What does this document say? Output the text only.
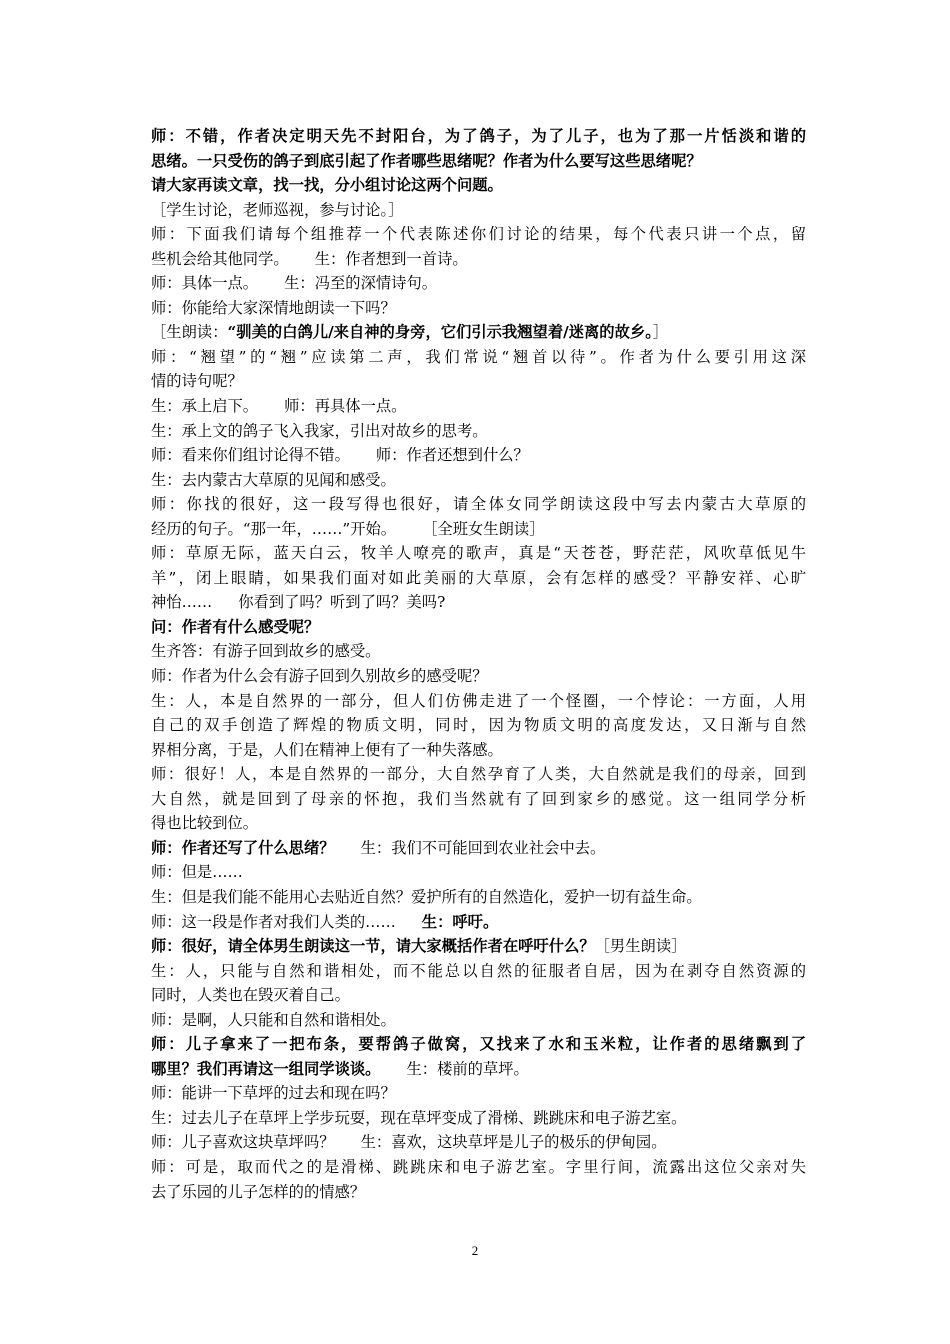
师：不错，作者决定明天先不封阳台，为了鸽子，为了儿子，也为了那一片恬淡和谐的
思绪。一只受伤的鸽子到底引起了作者哪些思绪呢？作者为什么要写这些思绪呢？
请大家再读文章，找一找，分小组讨论这两个问题。
［学生讨论，老师巡视，参与讨论。］
师：下面我们请每个组推荐一个代表陈述你们讨论的结果，每个代表只讲一个点，留
些机会给其他同学。 生：作者想到一首诗。
师：具体一点。 生：冯至的深情诗句。
师：你能给大家深情地朗读一下吗？
［生朗读：“驯美的白鸽儿/来自神的身旁，它们引示我翘望着/迷离的故乡。］
师：“翘望”的“翘”应读第二声，我们常说“翘首以待”。作者为什么要引用这深
情的诗句呢？
生：承上启下。 师：再具体一点。
生：承上文的鸽子飞入我家，引出对故乡的思考。
师：看来你们组讨论得不错。 师：作者还想到什么？
生：去内蒙古大草原的见闻和感受。
师：你找的很好，这一段写得也很好，请全体女同学朗读这段中写去内蒙古大草原的
经历的句子。“那一年，……”开始。 ［全班女生朗读］
师：草原无际，蓝天白云，牧羊人嘹亮的歌声，真是“天苍苍，野茫茫，风吹草低见牛
羊”，闭上眼睛，如果我们面对如此美丽的大草原，会有怎样的感受？平静安祥、心旷
神怡…… 你看到了吗？听到了吗？美吗?
问：作者有什么感受呢？
生齐答：有游子回到故乡的感受。
师：作者为什么会有游子回到久别故乡的感受呢？
生：人，本是自然界的一部分，但人们仿佛走进了一个怪圈，一个悖论：一方面，人用
自己的双手创造了辉煌的物质文明，同时，因为物质文明的高度发达，又日渐与自然
界相分离，于是，人们在精神上便有了一种失落感。
师：很好！人，本是自然界的一部分，大自然孕育了人类，大自然就是我们的母亲，回到
大自然，就是回到了母亲的怀抱，我们当然就有了回到家乡的感觉。这一组同学分析
得也比较到位。
师：作者还写了什么思绪？ 生：我们不可能回到农业社会中去。
师：但是……
生：但是我们能不能用心去贴近自然？爱护所有的自然造化，爱护一切有益生命。
师：这一段是作者对我们人类的…… 生：呼吁。
师：很好，请全体男生朗读这一节，请大家概括作者在呼吁什么？［男生朗读］
生：人，只能与自然和谐相处，而不能总以自然的征服者自居，因为在剥夺自然资源的
同时，人类也在毁灭着自己。
师：是啊，人只能和自然和谐相处。
师：儿子拿来了一把布条，要帮鸽子做窝，又找来了水和玉米粒，让作者的思绪飘到了
哪里？我们再请这一组同学谈谈。 生：楼前的草坪。
师：能讲一下草坪的过去和现在吗？
生：过去儿子在草坪上学步玩耍，现在草坪变成了滑梯、跳跳床和电子游艺室。
师：儿子喜欢这块草坪吗？ 生：喜欢，这块草坪是儿子的极乐的伊甸园。
师：可是，取而代之的是滑梯、跳跳床和电子游艺室。字里行间，流露出这位父亲对失
去了乐园的儿子怎样的的情感？
2
